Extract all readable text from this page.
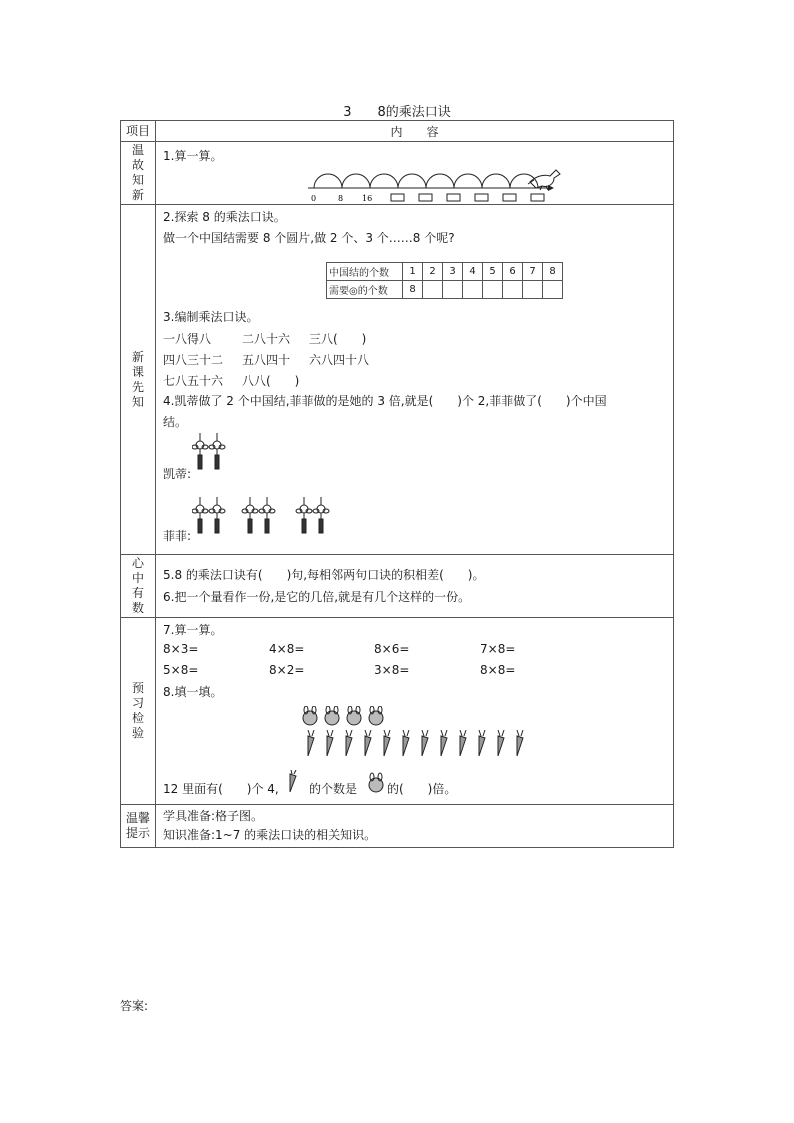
3 8的乘法口诀
项目	内　　容

温
故
知
新

1.算一算。
0	8 16

新
课
先
知

2.探索 8 的乘法口诀。
做一个中国结需要 8 个圆片,做 2 个、3 个……8 个呢?
中国结的个数	1	2	3	4	5	6	7	8
需要◎的个数	8							
3.编制乘法口诀。
一八得八	二八十六 三八(　　)
四八三十二 五八四十 六八四十八
七八五十六 八八(　　)
4.凯蒂做了 2 个中国结,菲菲做的是她的 3 倍,就是(　　)个 2,菲菲做了(　　)个中国
结。
凯蒂:
菲菲:

心
中
有
数

5.8 的乘法口诀有(　　)句,每相邻两句口诀的积相差(　　)。
6.把一个量看作一份,是它的几倍,就是有几个这样的一份。

预
习
检
验

7.算一算。
8×3=	4×8=	8×6=	7×8=
5×8=	8×2=	3×8=	8×8=
8.填一填。
12 里面有(　　)个 4,	的个数是 的(　　)倍。

温馨
提示

学具准备:格子图。
知识准备:1~7 的乘法口诀的相关知识。
答案:
